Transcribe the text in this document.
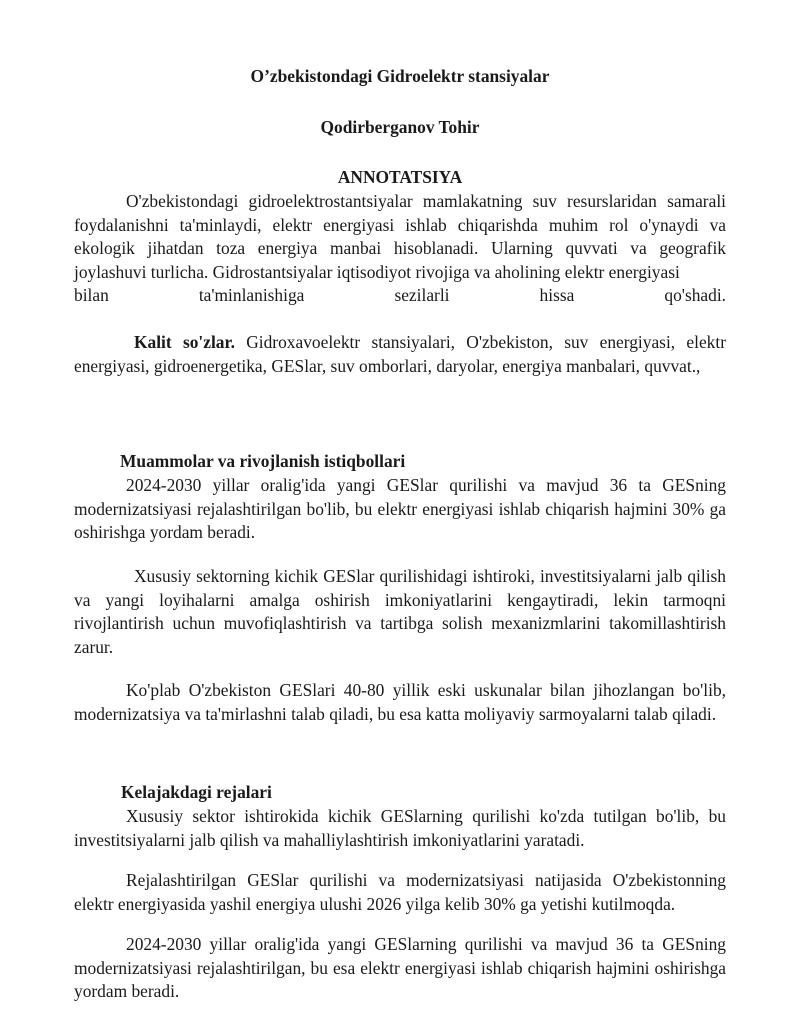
O’zbekistondagi Gidroelektr stansiyalar
Qodirberganov Tohir
ANNOTATSIYA

O'zbekistondagi gidroelektrostantsiyalar mamlakatning suv resurslaridan samarali foydalanishni ta'minlaydi, elektr energiyasi ishlab chiqarishda muhim rol o'ynaydi va ekologik jihatdan toza energiya manbai hisoblanadi. Ularning quvvati va geografik joylashuvi turlicha. Gidrostantsiyalar iqtisodiyot rivojiga va aholining elektr energiyasi

bilan ta'minlanishiga sezilarli hissa qo'shadi.

Kalit so'zlar. Gidroxavoelektr stansiyalari, O'zbekiston, suv energiyasi, elektr energiyasi, gidroenergetika, GESlar, suv omborlari, daryolar, energiya manbalari, quvvat.,

Muammolar va rivojlanish istiqbollari

2024-2030 yillar oralig'ida yangi GESlar qurilishi va mavjud 36 ta GESning modernizatsiyasi rejalashtirilgan bo'lib, bu elektr energiyasi ishlab chiqarish hajmini 30% ga oshirishga yordam beradi.

Xususiy sektorning kichik GESlar qurilishidagi ishtiroki, investitsiyalarni jalb qilish va yangi loyihalarni amalga oshirish imkoniyatlarini kengaytiradi, lekin tarmoqni rivojlantirish uchun muvofiqlashtirish va tartibga solish mexanizmlarini takomillashtirish zarur.

Ko'plab O'zbekiston GESlari 40-80 yillik eski uskunalar bilan jihozlangan bo'lib, modernizatsiya va ta'mirlashni talab qiladi, bu esa katta moliyaviy sarmoyalarni talab qiladi.

Kelajakdagi rejalari

Xususiy sektor ishtirokida kichik GESlarning qurilishi ko'zda tutilgan bo'lib, bu investitsiyalarni jalb qilish va mahalliylashtirish imkoniyatlarini yaratadi.

Rejalashtirilgan GESlar qurilishi va modernizatsiyasi natijasida O'zbekistonning elektr energiyasida yashil energiya ulushi 2026 yilga kelib 30% ga yetishi kutilmoqda.

2024-2030 yillar oralig'ida yangi GESlarning qurilishi va mavjud 36 ta GESning modernizatsiyasi rejalashtirilgan, bu esa elektr energiyasi ishlab chiqarish hajmini oshirishga yordam beradi.
